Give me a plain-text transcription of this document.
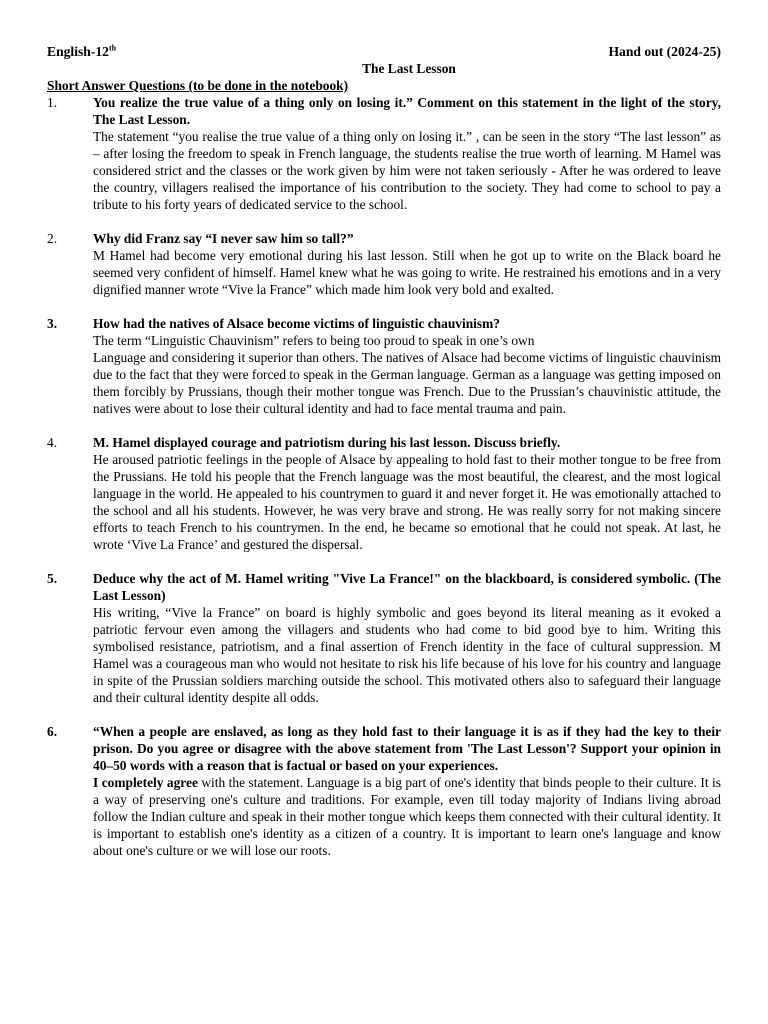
English-12th	Hand out (2024-25)
The Last Lesson
Short Answer Questions (to be done in the notebook)
1.	You realize the true value of a thing only on losing it.” Comment on this statement in the light of the story, The Last Lesson.
The statement “you realise the true value of a thing only on losing it.” , can be seen in the story “The last lesson” as – after losing the freedom to speak in French language, the students realise the true worth of learning. M Hamel was considered strict and the classes or the work given by him were not taken seriously - After he was ordered to leave the country, villagers realised the importance of his contribution to the society. They had come to school to pay a tribute to his forty years of dedicated service to the school.
2.	Why did Franz say “I never saw him so tall?”
M Hamel had become very emotional during his last lesson. Still when he got up to write on the Black board he seemed very confident of himself. Hamel knew what he was going to write. He restrained his emotions and in a very dignified manner wrote “Vive la France” which made him look very bold and exalted.
3.	How had the natives of Alsace become victims of linguistic chauvinism?
The term “Linguistic Chauvinism” refers to being too proud to speak in one’s own
Language and considering it superior than others. The natives of Alsace had become victims of linguistic chauvinism due to the fact that they were forced to speak in the German language. German as a language was getting imposed on them forcibly by Prussians, though their mother tongue was French. Due to the Prussian’s chauvinistic attitude, the natives were about to lose their cultural identity and had to face mental trauma and pain.
4.	M. Hamel displayed courage and patriotism during his last lesson. Discuss briefly.
He aroused patriotic feelings in the people of Alsace by appealing to hold fast to their mother tongue to be free from the Prussians. He told his people that the French language was the most beautiful, the clearest, and the most logical language in the world. He appealed to his countrymen to guard it and never forget it. He was emotionally attached to the school and all his students. However, he was very brave and strong. He was really sorry for not making sincere efforts to teach French to his countrymen. In the end, he became so emotional that he could not speak. At last, he wrote ‘Vive La France’ and gestured the dispersal.
5.	Deduce why the act of M. Hamel writing "Vive La France!" on the blackboard, is considered symbolic. (The Last Lesson)
His writing, “Vive la France” on board is highly symbolic and goes beyond its literal meaning as it evoked a patriotic fervour even among the villagers and students who had come to bid good bye to him. Writing this symbolised resistance, patriotism, and a final assertion of French identity in the face of cultural suppression. M Hamel was a courageous man who would not hesitate to risk his life because of his love for his country and language in spite of the Prussian soldiers marching outside the school. This motivated others also to safeguard their language and their cultural identity despite all odds.
6.	“When a people are enslaved, as long as they hold fast to their language it is as if they had the key to their prison. Do you agree or disagree with the above statement from 'The Last Lesson'? Support your opinion in 40–50 words with a reason that is factual or based on your experiences.
I completely agree with the statement. Language is a big part of one's identity that binds people to their culture. It is a way of preserving one's culture and traditions. For example, even till today majority of Indians living abroad follow the Indian culture and speak in their mother tongue which keeps them connected with their cultural identity. It is important to establish one's identity as a citizen of a country. It is important to learn one's language and know about one's culture or we will lose our roots.
